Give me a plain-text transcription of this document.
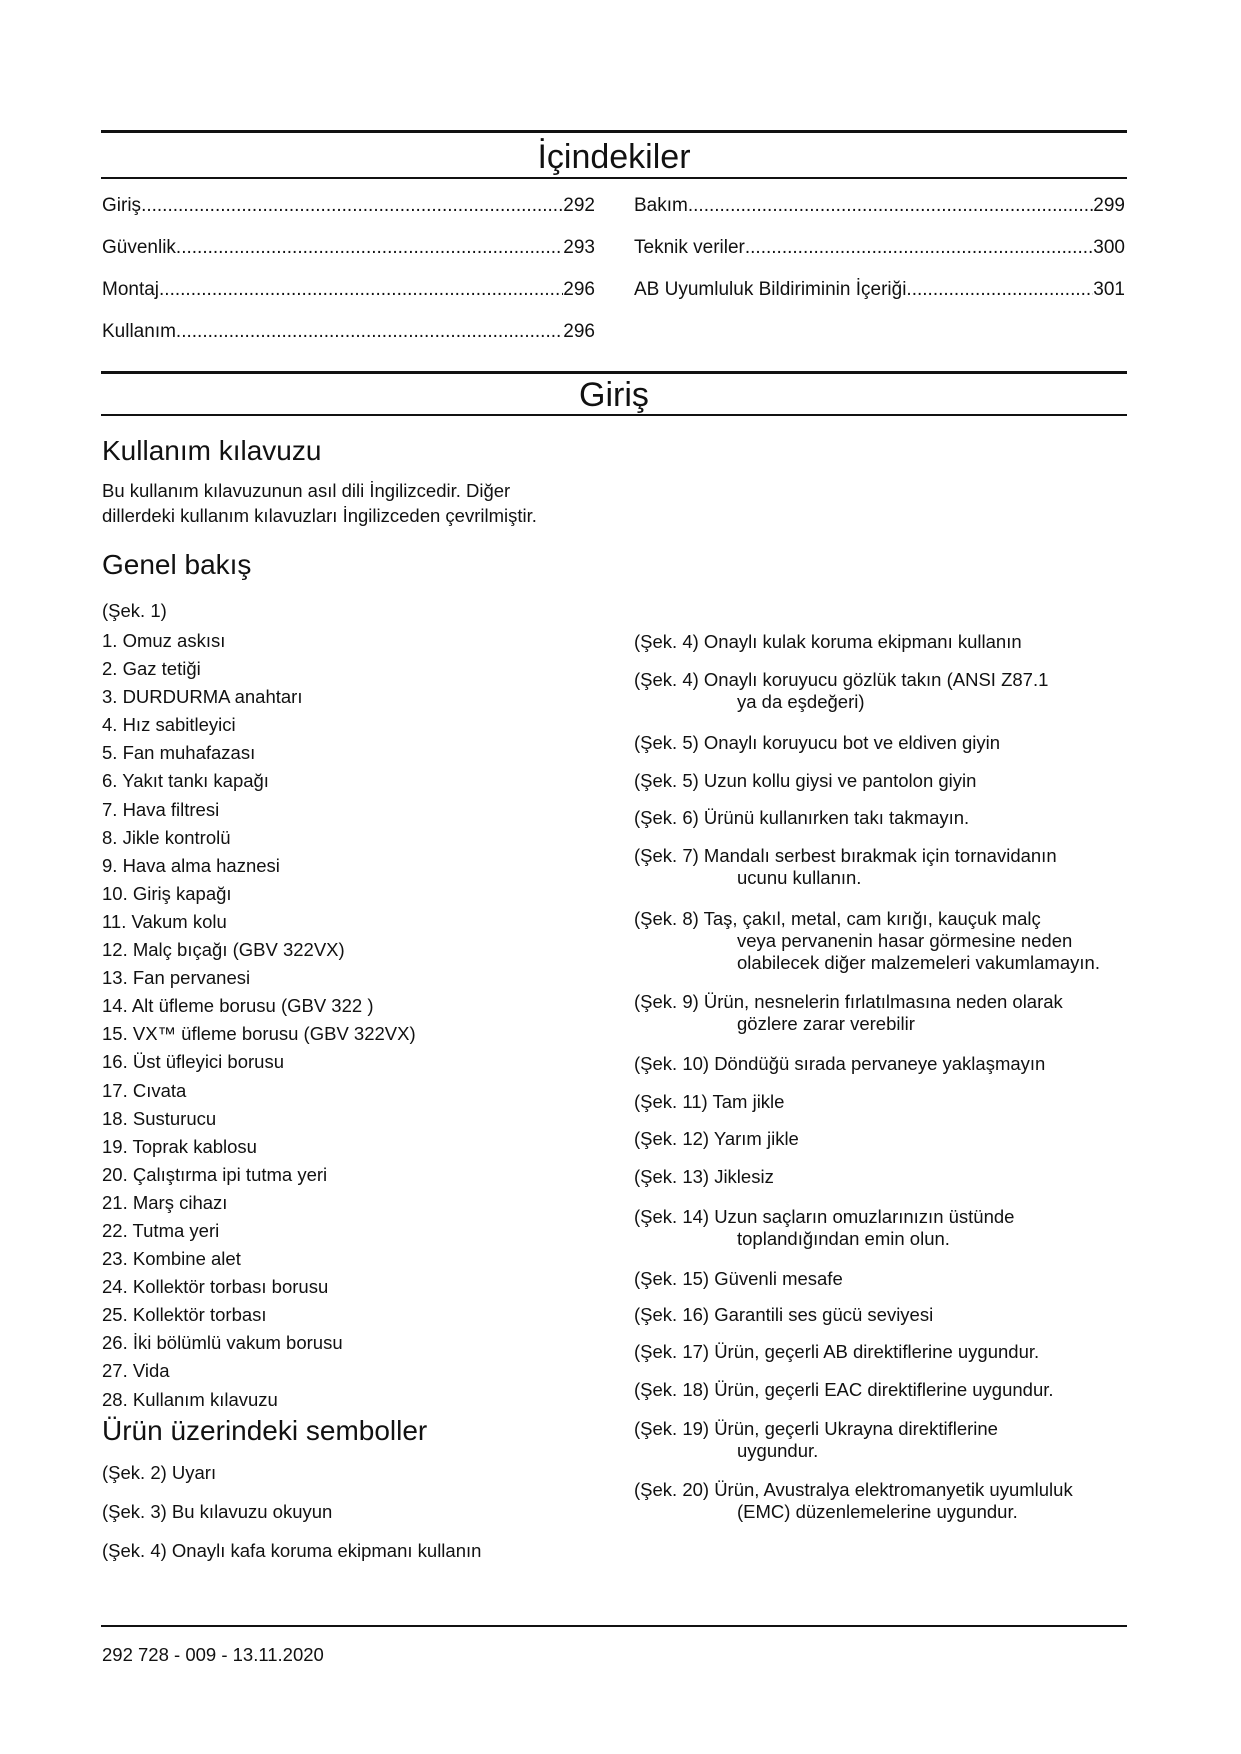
İçindekiler
Giriş .....	292
Güvenlik .....	293
Montaj .....	296
Kullanım .....	296
Bakım .....	299
Teknik veriler .....	300
AB Uyumluluk Bildiriminin İçeriği .....	301
Giriş
Kullanım kılavuzu

Bu kullanım kılavuzunun asıl dili İngilizcedir. Diğer

dillerdeki kullanım kılavuzları İngilizceden çevrilmiştir.

Genel bakış

(Şek. 1)

1. Omuz askısı
2. Gaz tetiği
3. DURDURMA anahtarı
4. Hız sabitleyici
5. Fan muhafazası
6. Yakıt tankı kapağı
7. Hava filtresi
8. Jikle kontrolü
9. Hava alma haznesi
10. Giriş kapağı
11. Vakum kolu
12. Malç bıçağı (GBV 322VX)
13. Fan pervanesi
14. Alt üfleme borusu (GBV 322 )
15. VX™ üfleme borusu (GBV 322VX)
16. Üst üfleyici borusu
17. Cıvata
18. Susturucu
19. Toprak kablosu
20. Çalıştırma ipi tutma yeri
21. Marş cihazı
22. Tutma yeri
23. Kombine alet
24. Kollektör torbası borusu
25. Kollektör torbası
26. İki bölümlü vakum borusu
27. Vida
28. Kullanım kılavuzu
Ürün üzerindeki semboller
(Şek. 2) Uyarı
(Şek. 3) Bu kılavuzu okuyun
(Şek. 4) Onaylı kafa koruma ekipmanı kullanın
(Şek. 4) Onaylı kulak koruma ekipmanı kullanın
(Şek. 4) Onaylı koruyucu gözlük takın (ANSI Z87.1
ya da eşdeğeri)
(Şek. 5) Onaylı koruyucu bot ve eldiven giyin
(Şek. 5) Uzun kollu giysi ve pantolon giyin
(Şek. 6) Ürünü kullanırken takı takmayın.
(Şek. 7) Mandalı serbest bırakmak için tornavidanın
ucunu kullanın.
(Şek. 8) Taş, çakıl, metal, cam kırığı, kauçuk malç
veya pervanenin hasar görmesine neden
olabilecek diğer malzemeleri vakumlamayın.
(Şek. 9) Ürün, nesnelerin fırlatılmasına neden olarak
gözlere zarar verebilir
(Şek. 10) Döndüğü sırada pervaneye yaklaşmayın
(Şek. 11) Tam jikle
(Şek. 12) Yarım jikle
(Şek. 13) Jiklesiz
(Şek. 14) Uzun saçların omuzlarınızın üstünde
toplandığından emin olun.
(Şek. 15) Güvenli mesafe
(Şek. 16) Garantili ses gücü seviyesi
(Şek. 17) Ürün, geçerli AB direktiflerine uygundur.
(Şek. 18) Ürün, geçerli EAC direktiflerine uygundur.
(Şek. 19) Ürün, geçerli Ukrayna direktiflerine
uygundur.
(Şek. 20) Ürün, Avustralya elektromanyetik uyumluluk
(EMC) düzenlemelerine uygundur.
292 728 - 009 - 13.11.2020
